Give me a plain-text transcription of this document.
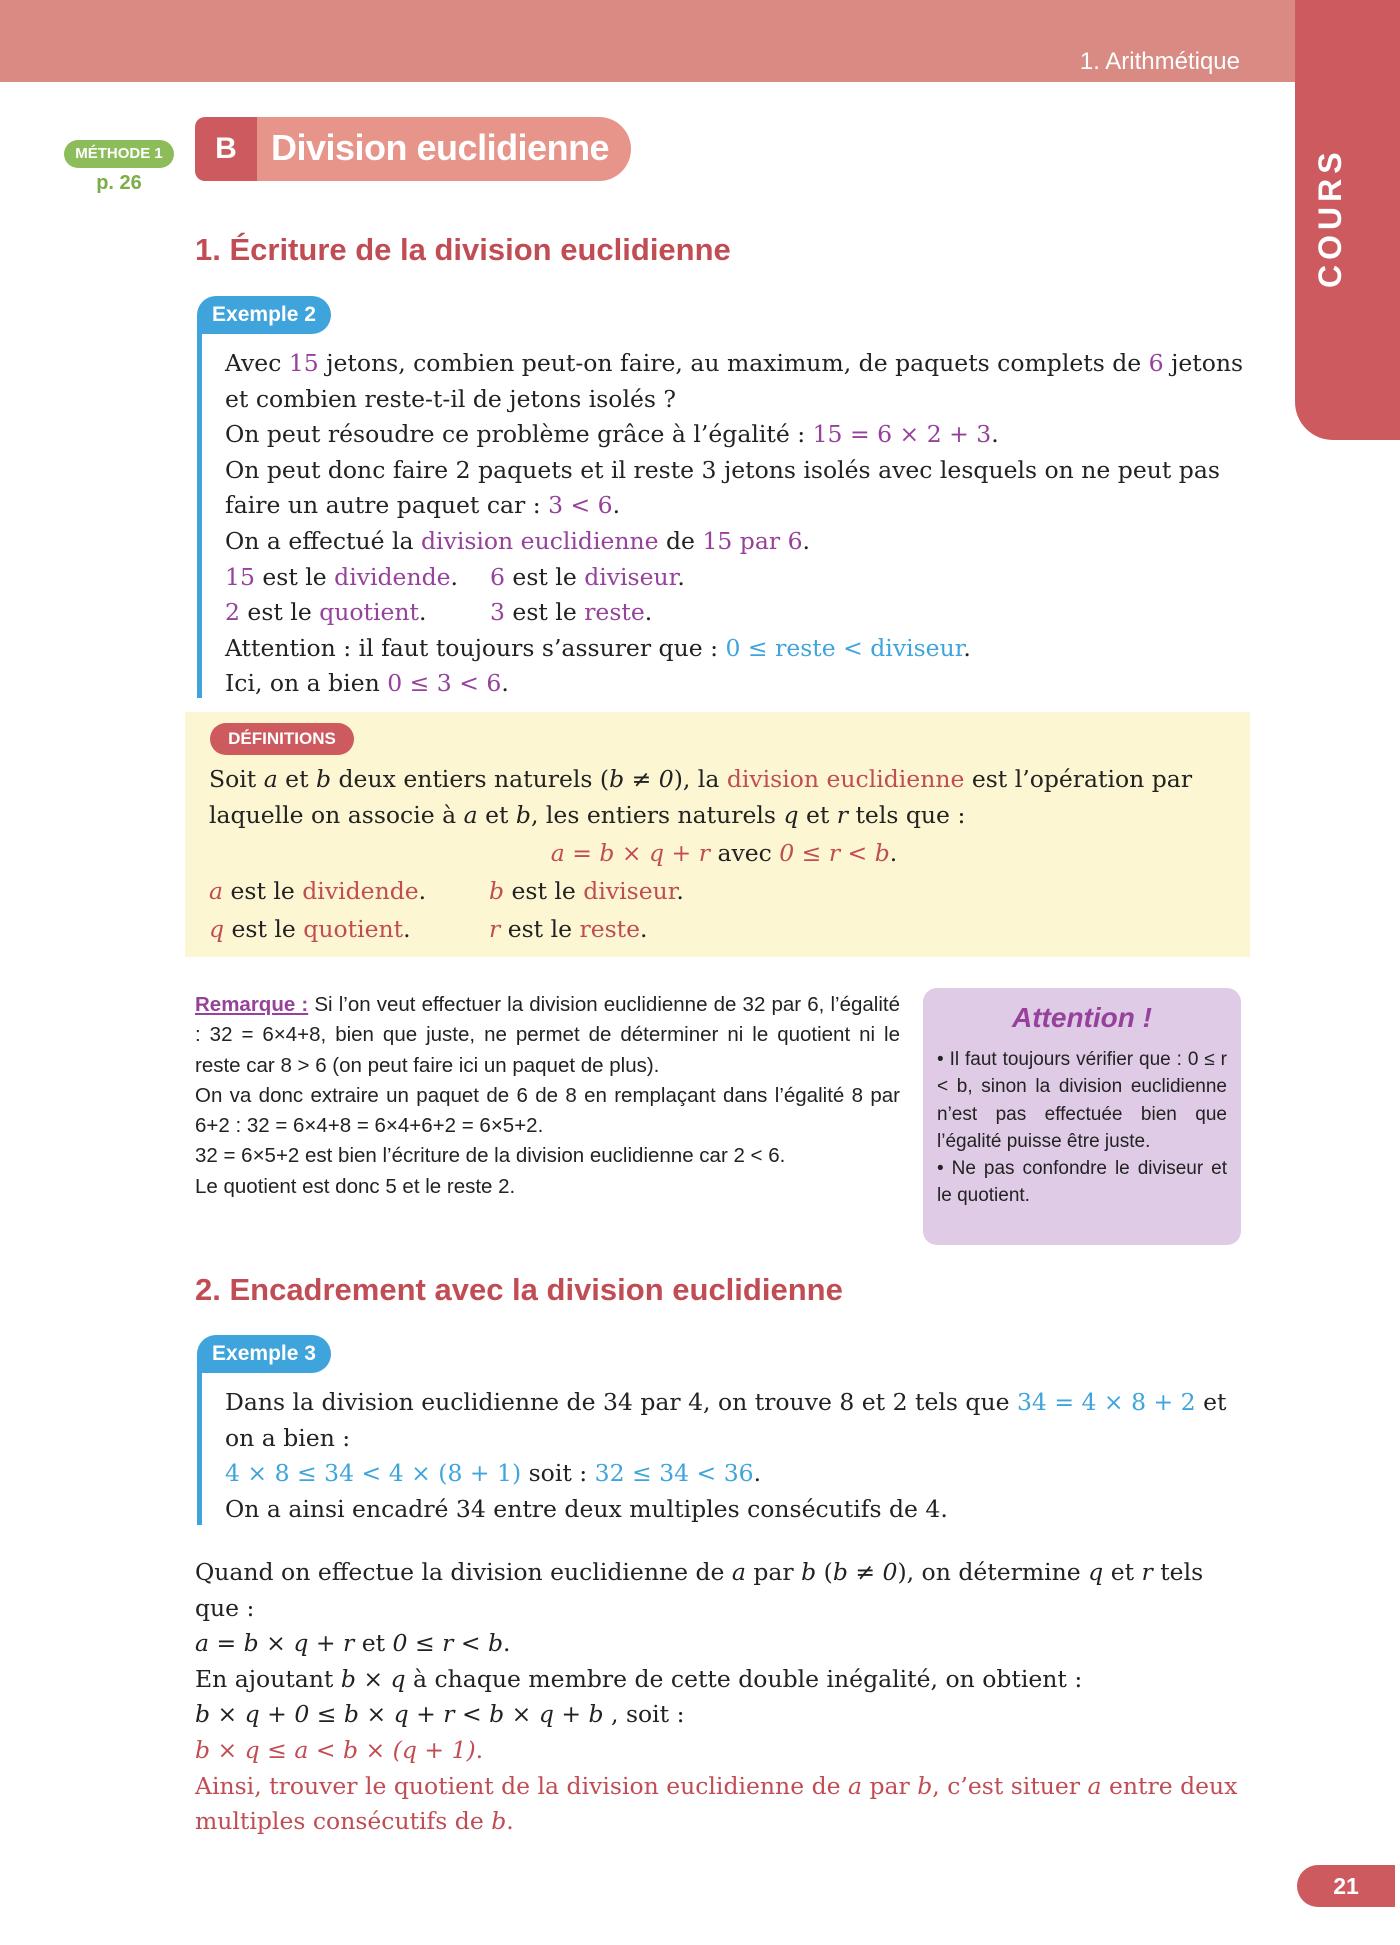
1. Arithmétique
COURS
MÉTHODE 1
p. 26
B Division euclidienne
1. Écriture de la division euclidienne
Exemple 2

Avec 15 jetons, combien peut-on faire, au maximum, de paquets complets de 6 jetons et combien reste-t-il de jetons isolés ?

On peut résoudre ce problème grâce à l’égalité : 15 = 6 × 2 + 3.

On peut donc faire 2 paquets et il reste 3 jetons isolés avec lesquels on ne peut pas faire un autre paquet car : 3 < 6.

On a effectué la division euclidienne de 15 par 6.

15 est le dividende. 6 est le diviseur.

2 est le quotient.	3 est le reste.

Attention : il faut toujours s’assurer que : 0 ≤ reste < diviseur.

Ici, on a bien 0 ≤ 3 < 6.

DÉFINITIONS

Soit a et b deux entiers naturels (b ≠ 0), la division euclidienne est l’opération par laquelle on associe à a et b, les entiers naturels q et r tels que :

a = b × q + r avec 0 ≤ r < b.

a est le dividende.	b est le diviseur.

q est le quotient.	r est le reste.

Remarque : Si l’on veut effectuer la division euclidienne de 32 par 6, l’égalité : 32 = 6×4+8, bien que juste, ne permet de déterminer ni le quotient ni le reste car 8 > 6 (on peut faire ici un paquet de plus).

On va donc extraire un paquet de 6 de 8 en remplaçant dans l’égalité 8 par 6+2 : 32 = 6×4+8 = 6×4+6+2 = 6×5+2.

32 = 6×5+2 est bien l’écriture de la division euclidienne car 2 < 6.

Le quotient est donc 5 et le reste 2.

Attention !

• Il faut toujours vérifier que : 0 ≤ r < b, sinon la division euclidienne n’est pas effectuée bien que l’égalité puisse être juste.

• Ne pas confondre le diviseur et le quotient.

2. Encadrement avec la division euclidienne
Exemple 3

Dans la division euclidienne de 34 par 4, on trouve 8 et 2 tels que 34 = 4 × 8 + 2 et on a bien :

4 × 8 ≤ 34 < 4 × (8 + 1) soit : 32 ≤ 34 < 36.

On a ainsi encadré 34 entre deux multiples consécutifs de 4.

Quand on effectue la division euclidienne de a par b (b ≠ 0), on détermine q et r tels que :

a = b × q + r et 0 ≤ r < b.

En ajoutant b × q à chaque membre de cette double inégalité, on obtient :

b × q + 0 ≤ b × q + r < b × q + b , soit :

b × q ≤ a < b × (q + 1).

Ainsi, trouver le quotient de la division euclidienne de a par b, c’est situer a entre deux multiples consécutifs de b.

21
